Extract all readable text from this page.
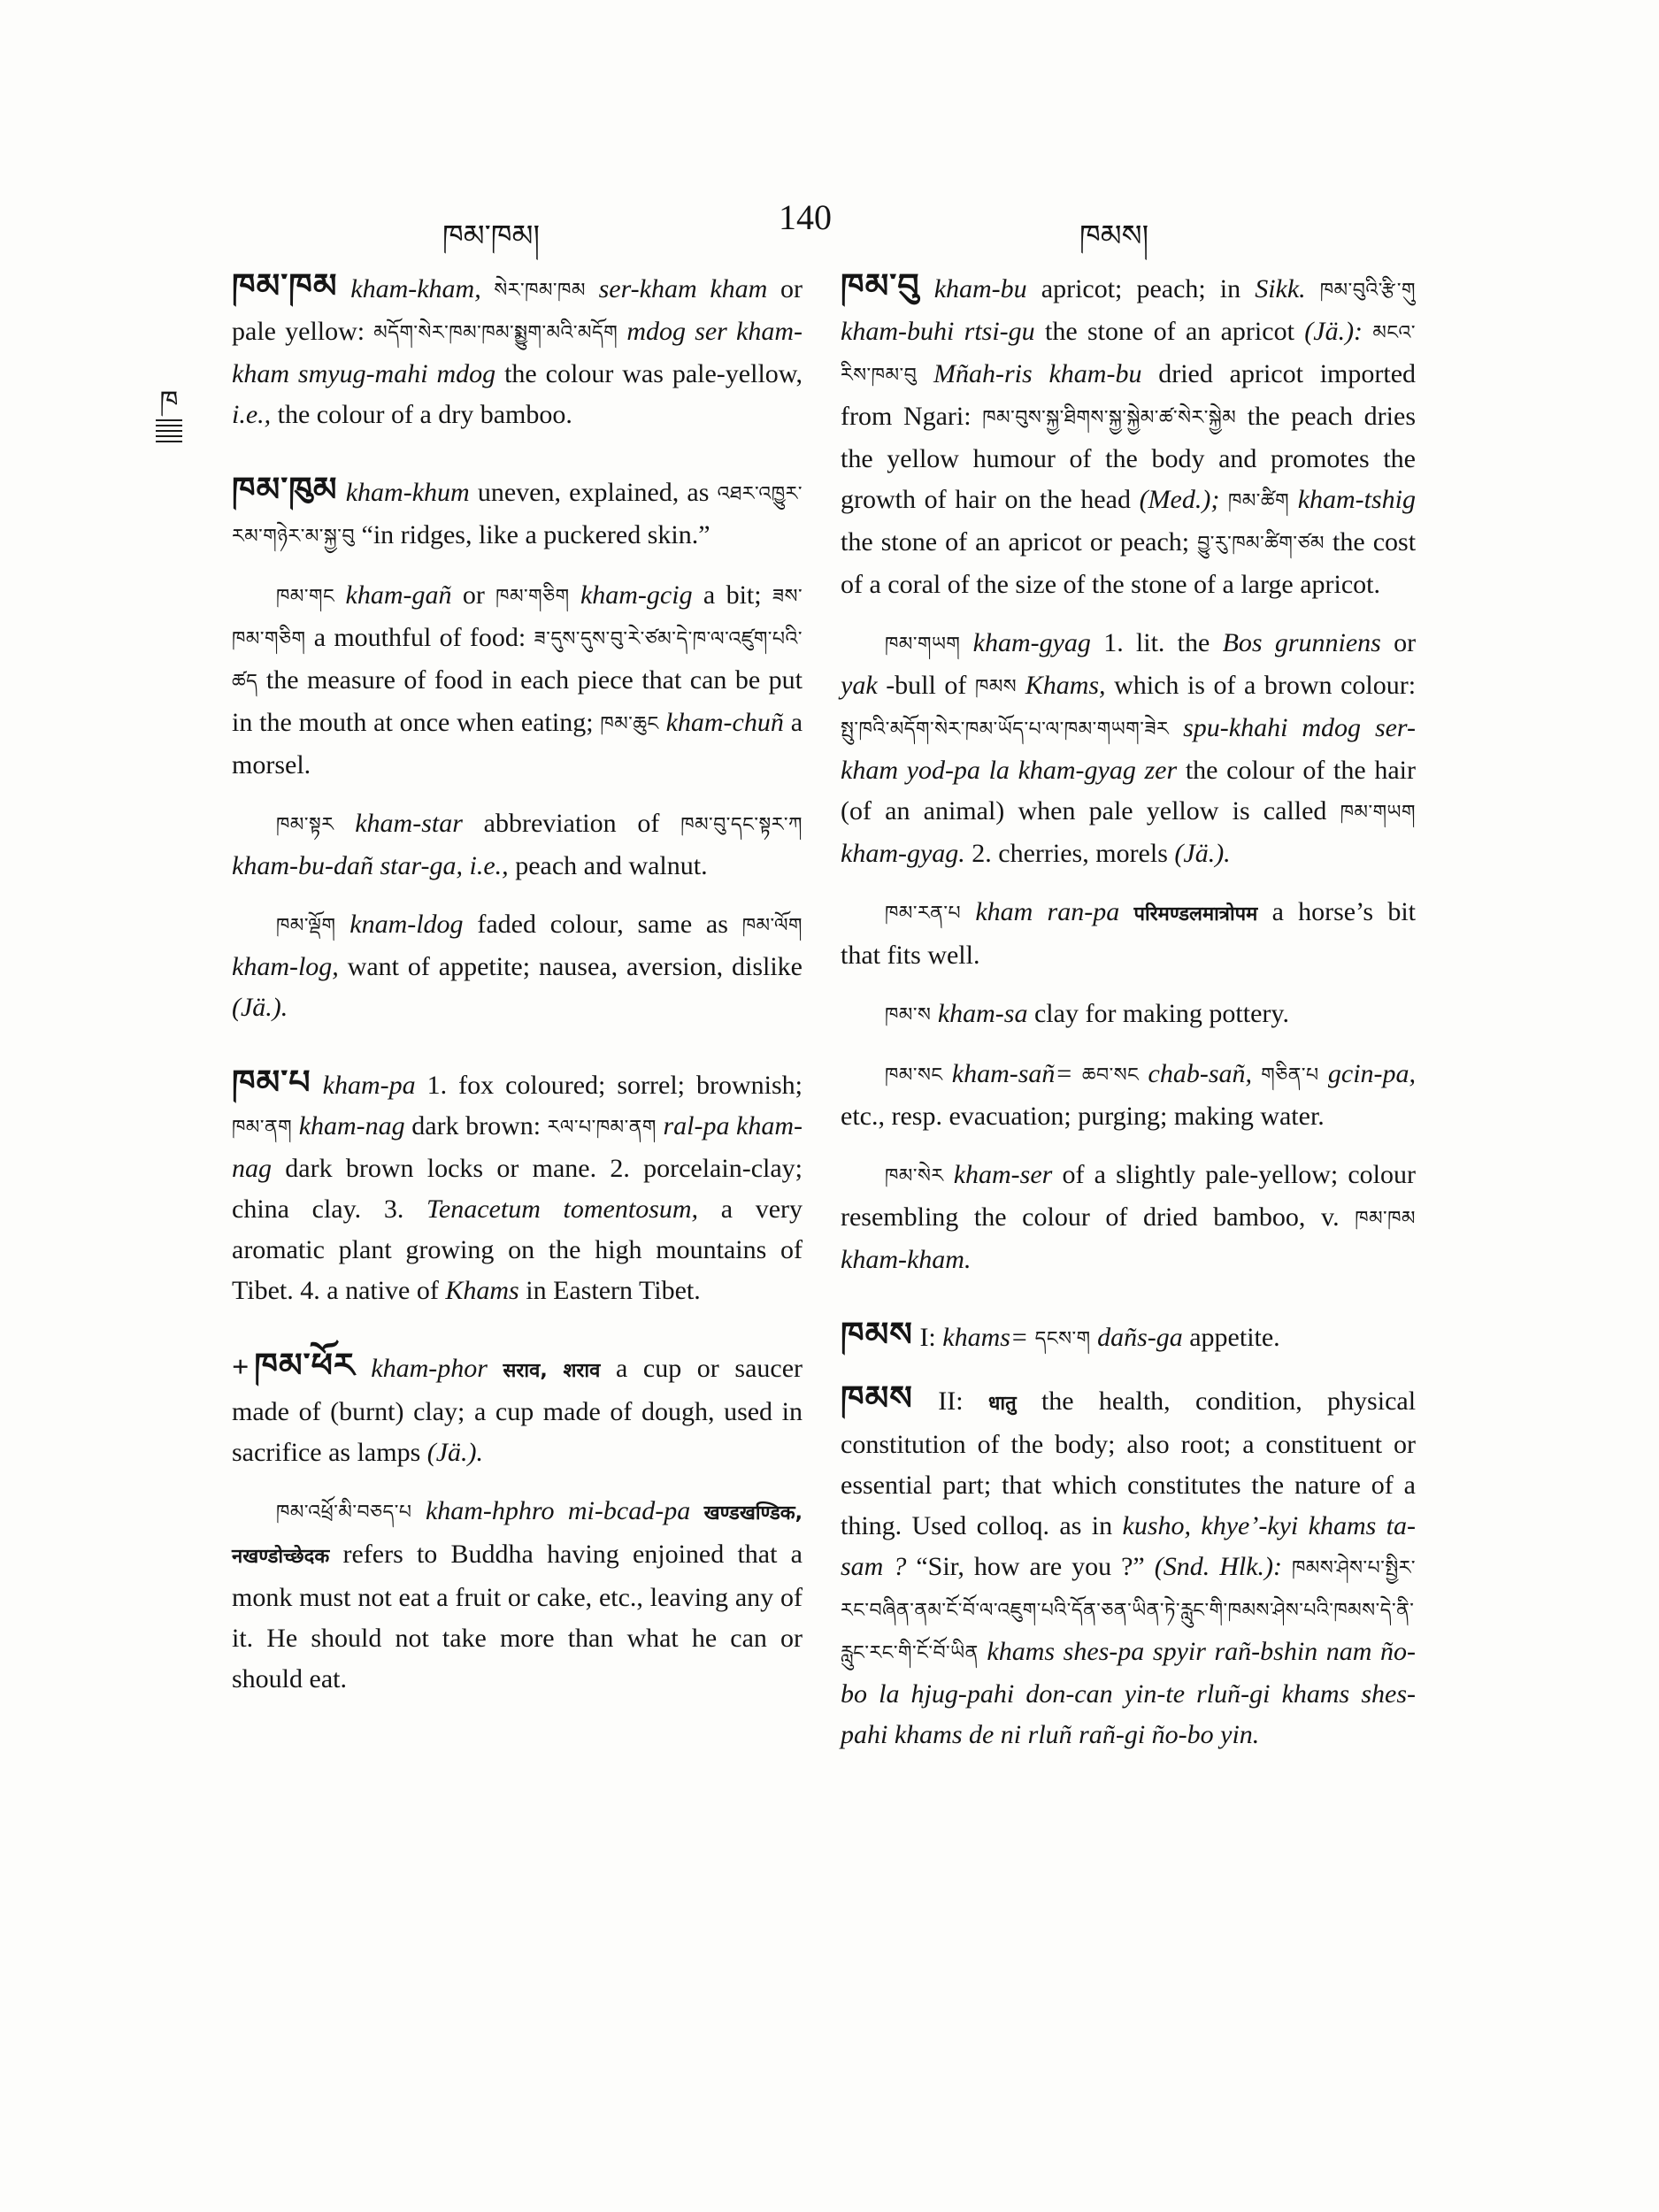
ཁམ་ཁམ།	140	ཁམས།
ཁ

ཁམ་ཁམ kham-kham, སེར་ཁམ་ཁམ ser-kham kham or pale yellow: མདོག་སེར་ཁམ་ཁམ་སྨྱུག་མའི་མདོག mdog ser kham-kham smyug-mahi mdog the colour was pale-yellow, i.e., the colour of a dry bamboo.

ཁམ་ཁུམ kham-khum uneven, explained, as འཐར་འཁྱུར་རམ་གཉེར་མ་སྐྱ་བུ “in ridges, like a puckered skin.”

ཁམ་གང kham-gañ or ཁམ་གཅིག kham-gcig a bit; ཟས་ཁམ་གཅིག a mouthful of food: ཟ་དུས་དུས་བུ་རེ་ཙམ་དེ་ཁ་ལ་འཛུག་པའི་ཚད the measure of food in each piece that can be put in the mouth at once when eating; ཁམ་ཆུང kham-chuñ a morsel.

ཁམ་སྟར kham-star abbreviation of ཁམ་བུ་དང་སྟར་ཀ kham-bu-dañ star-ga, i.e., peach and walnut.

ཁམ་ལྡོག knam-ldog faded colour, same as ཁམ་ལོག kham-log, want of appetite; nausea, aversion, dislike (Jä.).

ཁམ་པ kham-pa 1. fox coloured; sorrel; brownish; ཁམ་ནག kham-nag dark brown: རལ་པ་ཁམ་ནག ral-pa kham-nag dark brown locks or mane. 2. porcelain-clay; china clay. 3. Tenacetum tomentosum, a very aromatic plant growing on the high mountains of Tibet. 4. a native of Khams in Eastern Tibet.

+ ཁམ་ཕོར kham-phor सराव, शराव a cup or saucer made of (burnt) clay; a cup made of dough, used in sacrifice as lamps (Jä.).

ཁམ་འཕྲོ་མི་བཅད་པ kham-hphro mi-bcad-pa खण्डखण्डिक, नखण्डोच्छेदक refers to Buddha having enjoined that a monk must not eat a fruit or cake, etc., leaving any of it. He should not take more than what he can or should eat.

ཁམ་བུ kham-bu apricot; peach; in Sikk. ཁམ་བུའི་རྩི་གུ kham-buhi rtsi-gu the stone of an apricot (Jä.): མངའ་རིས་ཁམ་བུ Mñah-ris kham-bu dried apricot imported from Ngari: ཁམ་བུས་སྐྱ་ཐིགས་སྐྱ་སྐྱེམ་ཚ་སེར་སྐྱེམ the peach dries the yellow humour of the body and promotes the growth of hair on the head (Med.); ཁམ་ཚིག kham-tshig the stone of an apricot or peach; བྱུ་རུ་ཁམ་ཚིག་ཙམ the cost of a coral of the size of the stone of a large apricot.

ཁམ་གཡག kham-gyag 1. lit. the Bos grunniens or yak -bull of ཁམས Khams, which is of a brown colour: སྤུ་ཁའི་མདོག་སེར་ཁམ་ཡོད་པ་ལ་ཁམ་གཡག་ཟེར spu-khahi mdog ser-kham yod-pa la kham-gyag zer the colour of the hair (of an animal) when pale yellow is called ཁམ་གཡག kham-gyag. 2. cherries, morels (Jä.).

ཁམ་རན་པ kham ran-pa परिमण्डलमात्रोपम a horse’s bit that fits well.

ཁམ་ས kham-sa clay for making pottery.

ཁམ་སང kham-sañ= ཆབ་སང chab-sañ, གཅིན་པ gcin-pa, etc., resp. evacuation; purging; making water.

ཁམ་སེར kham-ser of a slightly pale-yellow; colour resembling the colour of dried bamboo, v. ཁམ་ཁམ kham-kham.

ཁམས I: khams= དངས་ག dañs-ga appetite.

ཁམས II: धातु the health, condition, physical constitution of the body; also root; a constituent or essential part; that which constitutes the nature of a thing. Used colloq. as in kusho, khye’-kyi khams ta-sam ? “Sir, how are you ?” (Snd. Hlk.): ཁམས་ཤེས་པ་སྤྱིར་རང་བཞིན་ནམ་ངོ་བོ་ལ་འཇུག་པའི་དོན་ཅན་ཡིན་ཏེ་རླུང་གི་ཁམས་ཤེས་པའི་ཁམས་དེ་ནི་རླུང་རང་གི་ངོ་བོ་ཡིན khams shes-pa spyir rañ-bshin nam ño-bo la hjug-pahi don-can yin-te rluñ-gi khams shes-pahi khams de ni rluñ rañ-gi ño-bo yin.
